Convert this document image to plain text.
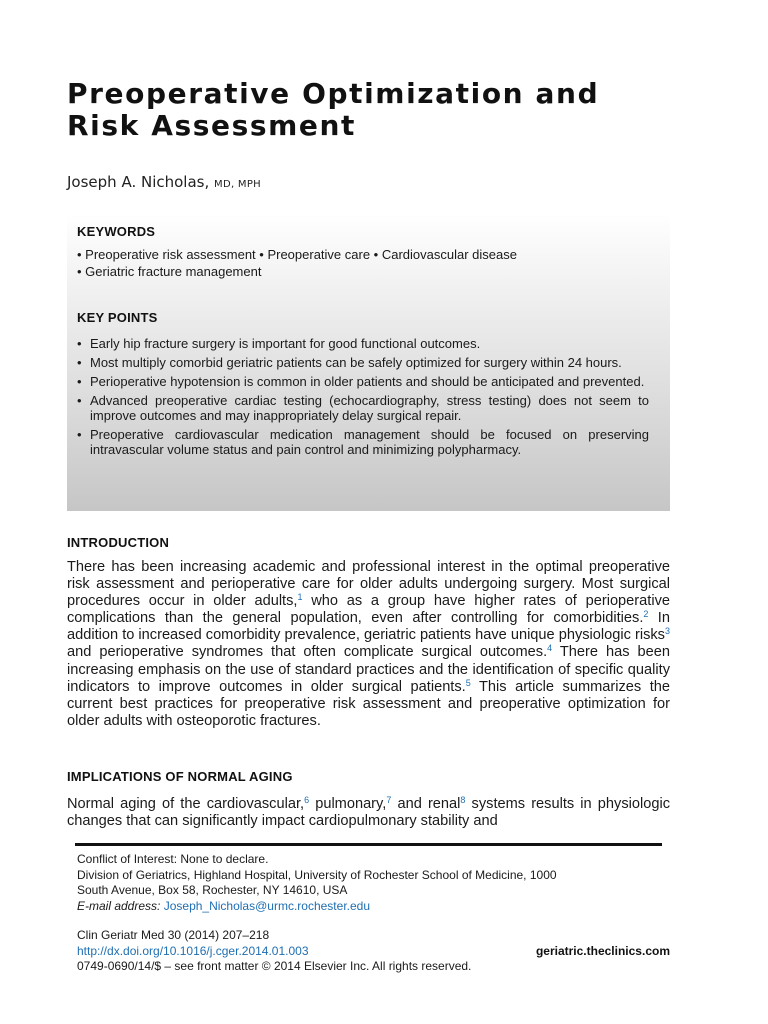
Preoperative Optimization and
Risk Assessment
Joseph A. Nicholas, MD, MPH
KEYWORDS
• Preoperative risk assessment • Preoperative care • Cardiovascular disease
• Geriatric fracture management
KEY POINTS
• Early hip fracture surgery is important for good functional outcomes.
• Most multiply comorbid geriatric patients can be safely optimized for surgery within 24 hours.
• Perioperative hypotension is common in older patients and should be anticipated and prevented.
• Advanced preoperative cardiac testing (echocardiography, stress testing) does not seem to improve outcomes and may inappropriately delay surgical repair.
• Preoperative cardiovascular medication management should be focused on preserving intravascular volume status and pain control and minimizing polypharmacy.
INTRODUCTION

There has been increasing academic and professional interest in the optimal preoperative risk assessment and perioperative care for older adults undergoing surgery. Most surgical procedures occur in older adults,$^1$ who as a group have higher rates of perioperative complications than the general population, even after controlling for comorbidities.$^2$ In addition to increased comorbidity prevalence, geriatric patients have unique physiologic risks$^3$ and perioperative syndromes that often complicate surgical outcomes.$^4$ There has been increasing emphasis on the use of standard practices and the identification of specific quality indicators to improve outcomes in older surgical patients.$^5$ This article summarizes the current best practices for preoperative risk assessment and preoperative optimization for older adults with osteoporotic fractures.

IMPLICATIONS OF NORMAL AGING

Normal aging of the cardiovascular,$^6$ pulmonary,$^7$ and renal$^8$ systems results in physiologic changes that can significantly impact cardiopulmonary stability and

Conflict of Interest: None to declare.
Division of Geriatrics, Highland Hospital, University of Rochester School of Medicine, 1000
South Avenue, Box 58, Rochester, NY 14610, USA
E-mail address: Joseph_Nicholas@urmc.rochester.edu
Clin Geriatr Med 30 (2014) 207–218
http://dx.doi.org/10.1016/j.cger.2014.01.003	geriatric.theclinics.com
0749-0690/14/$ – see front matter © 2014 Elsevier Inc. All rights reserved.
